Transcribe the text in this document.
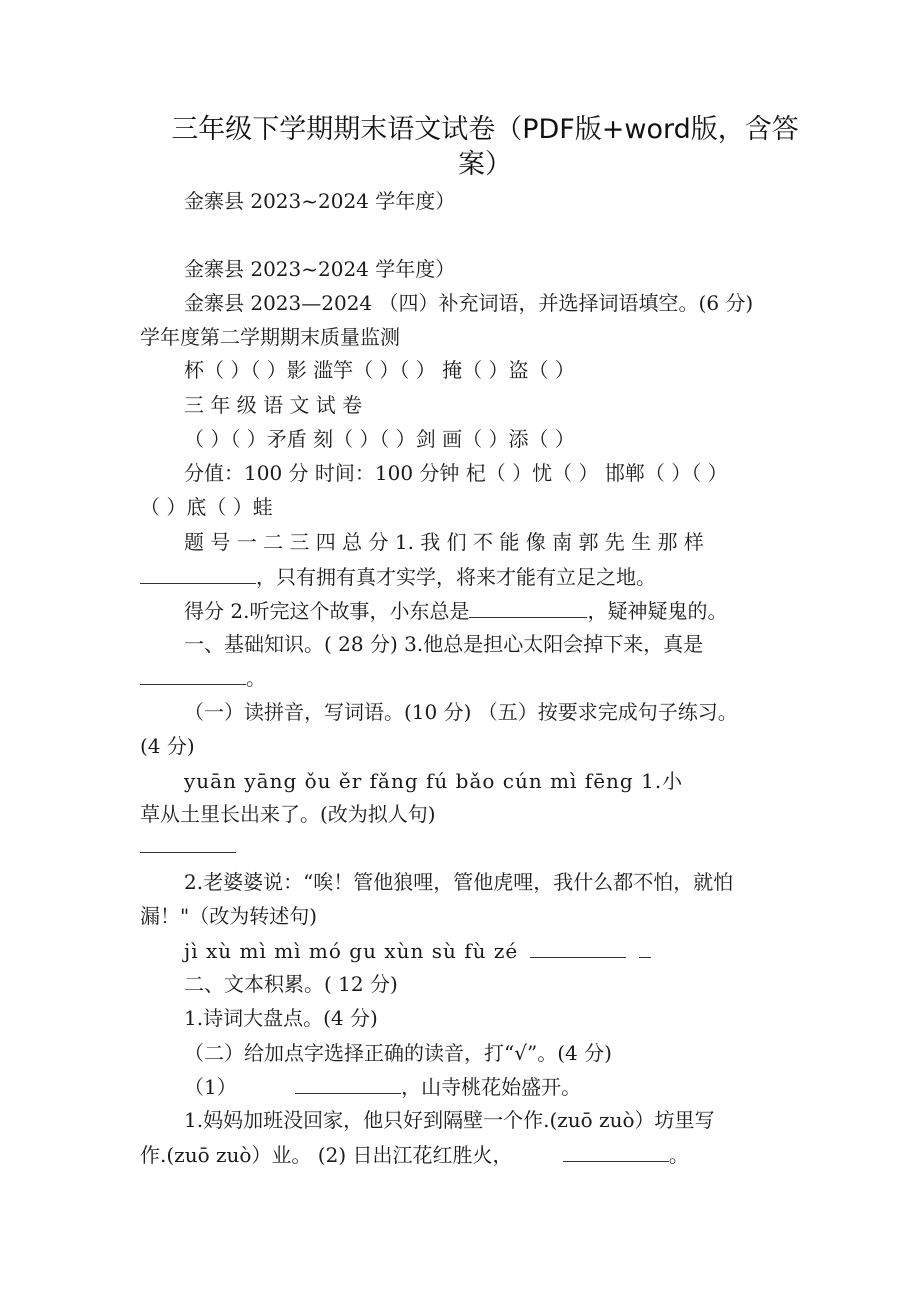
三年级下学期期末语文试卷（PDF版+word版，含答
案）
金寨县 2023~2024 学年度）
金寨县 2023~2024 学年度）
金寨县 2023—2024 （四）补充词语，并选择词语填空。(6 分)
学年度第二学期期末质量监测
杯（ ）（ ）影 滥竽（ ）（ ） 掩（ ）盗（ ）
三 年 级 语 文 试 卷
（ ）（ ）矛盾 刻（ ）（ ）剑 画（ ）添（ ）
分值：100 分 时间：100 分钟 杞（ ）忧（ ） 邯郸（ ）（ ）
（ ）底（ ）蛙
题 号 一 二 三 四 总 分 1. 我 们 不 能 像 南 郭 先 生 那 样
，只有拥有真才实学，将来才能有立足之地。
得分 2.听完这个故事，小东总是	，疑神疑鬼的。
一、基础知识。( 28 分) 3.他总是担心太阳会掉下来，真是
。
（一）读拼音，写词语。(10 分) （五）按要求完成句子练习。
(4 分)
yuān yāng ǒu ěr fǎng fú bǎo cún mì fēng 1.小
草从土里长出来了。(改为拟人句)
2.老婆婆说：“唉！管他狼哩，管他虎哩，我什么都不怕，就怕
漏！"（改为转述句)
jì xù mì mì mó gu xùn sù fù zé
二、文本积累。( 12 分)
1.诗词大盘点。(4 分)
（二）给加点字选择正确的读音，打“√”。(4 分)
（1）	，山寺桃花始盛开。
1.妈妈加班没回家，他只好到隔壁一个作.(zuō zuò）坊里写
作.(zuō zuò）业。 (2) 日出江花红胜火，	。
